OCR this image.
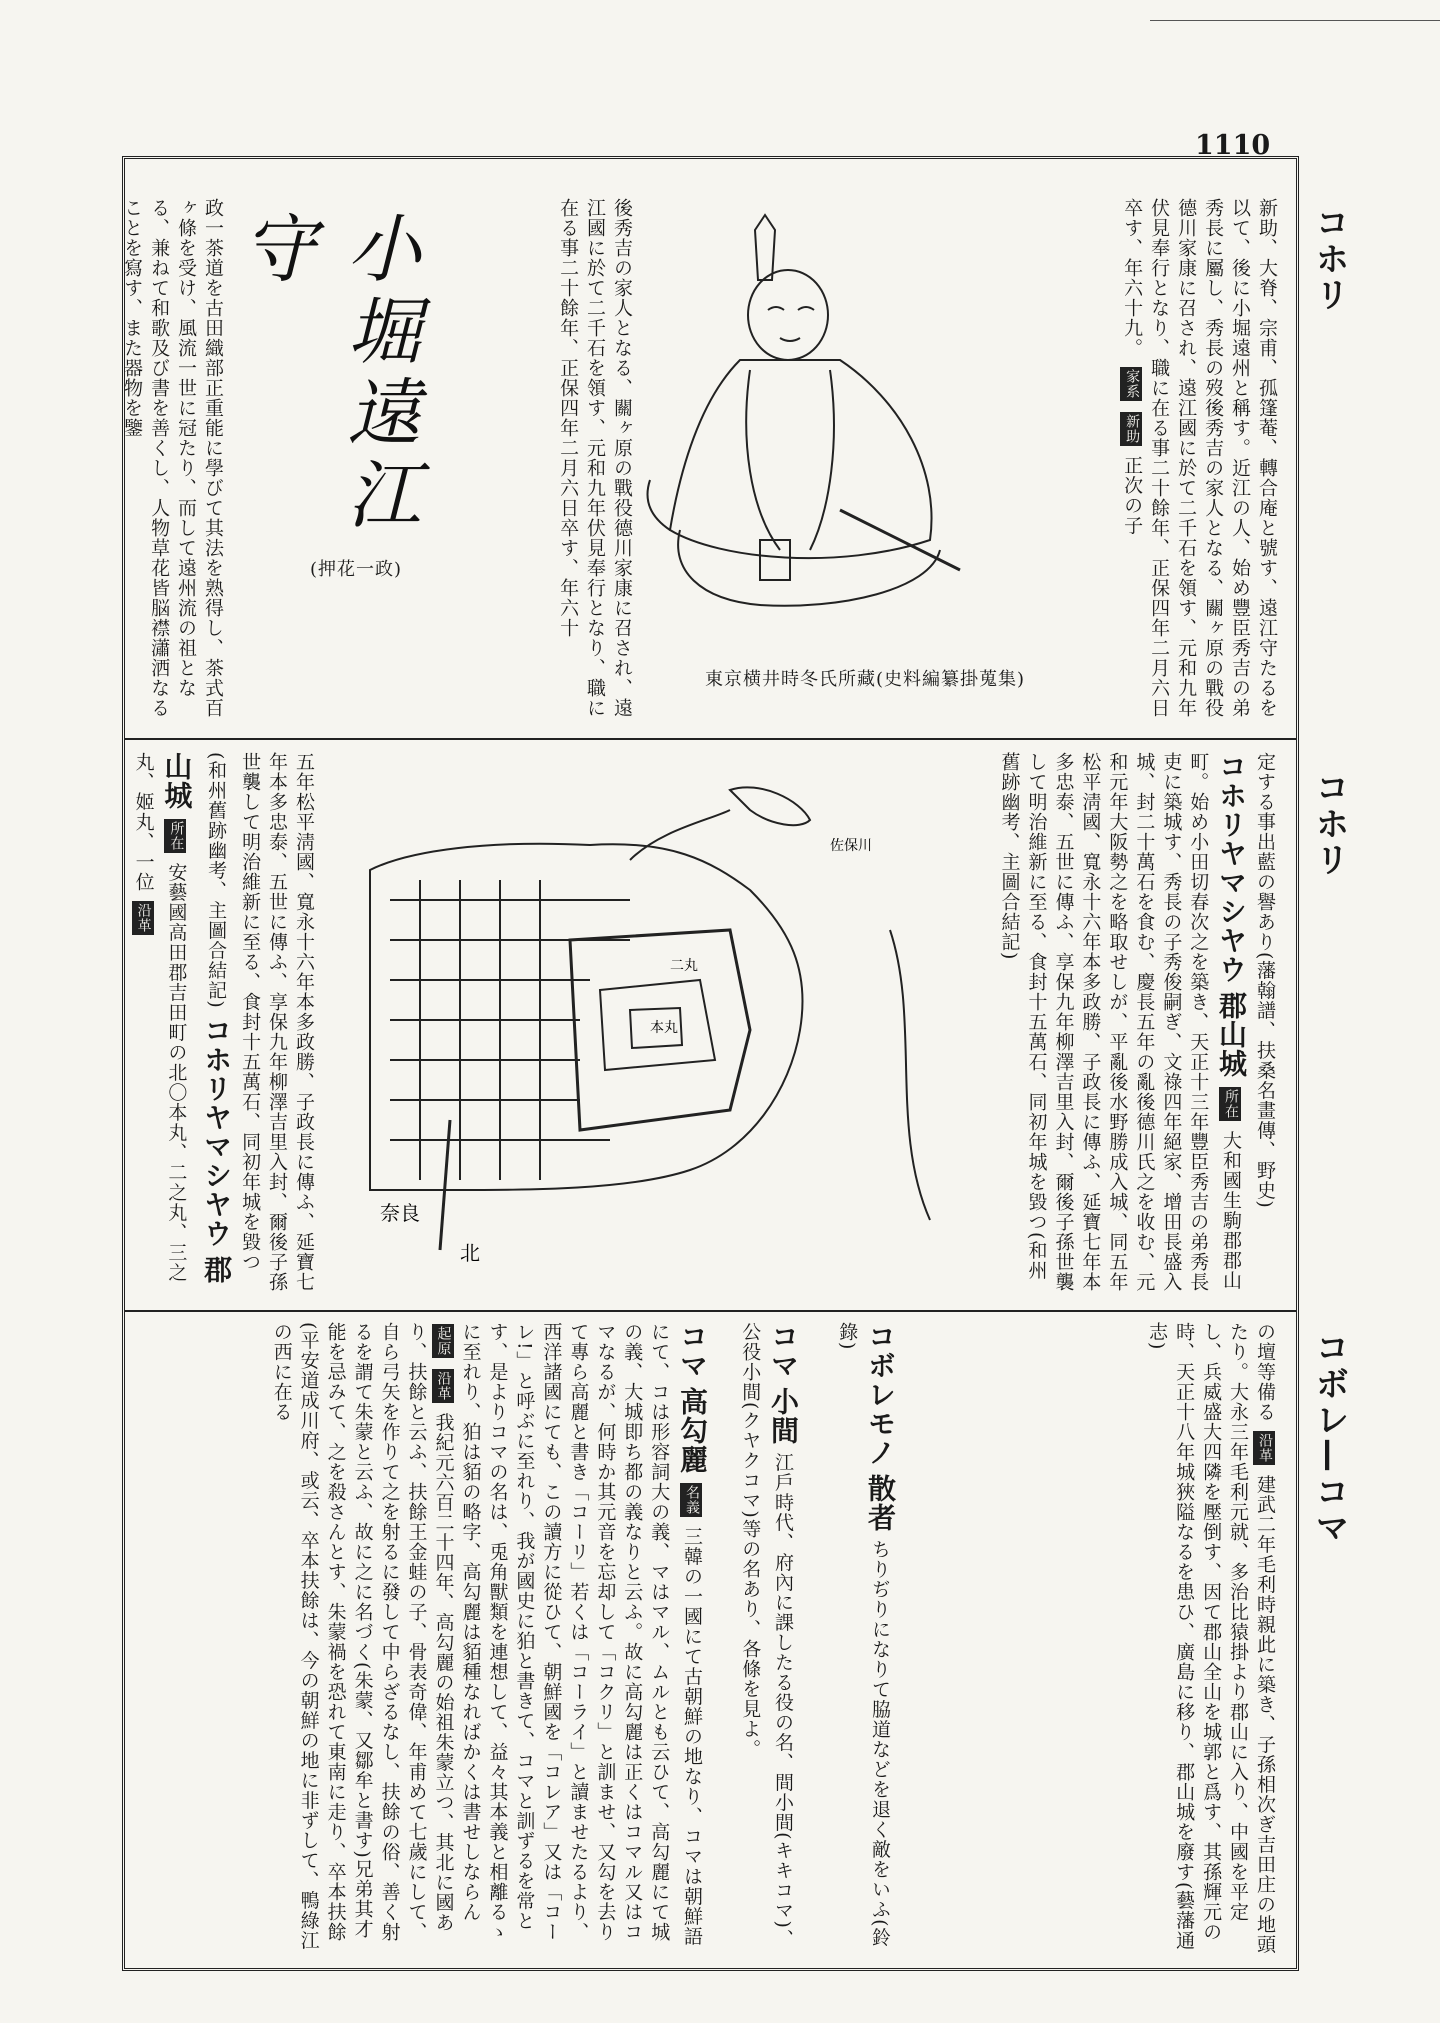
1110
コホリ
コホリ
コボレ—コマ
新助、大脊、宗甫、孤篷菴、轉合庵と號す、遠江守たるを以て、後に小堀遠州と稱す。近江の人、始め豐臣秀吉の弟秀長に屬し、秀長の歿後秀吉の家人となる、關ヶ原の戰役德川家康に召され、遠江國に於て二千石を領す、元和九年伏見奉行となり、職に在る事二十餘年、正保四年二月六日卒す、年六十九。 家系 新助 正次の子
東京横井時冬氏所藏(史料編纂掛蒐集)
後秀吉の家人となる、關ヶ原の戰役德川家康に召され、遠江國に於て二千石を領す、元和九年伏見奉行となり、職に在る事二十餘年、正保四年二月六日卒す、年六十
小堀遠江守
(押花一政)
政一茶道を古田織部正重能に學びて其法を熟得し、茶式百ヶ條を受け、風流一世に冠たり、而して遠州流の祖となる、兼ねて和歌及び書を善くし、人物草花皆脳襟瀟洒なることを寫す、また器物を鑒
定する事出藍の譽あり(藩翰譜、扶桑名畫傳、野史)
コホリヤマシヤウ 郡山城 所在 大和國生駒郡郡山町。始め小田切春次之を築き、天正十三年豐臣秀吉の弟秀長吏に築城す、秀長の子秀俊嗣ぎ、文祿四年絕家、增田長盛入城、封二十萬石を食む、慶長五年の亂後德川氏之を收む、元和元年大阪勢之を略取せしが、平亂後水野勝成入城、同五年松平淸國、寬永十六年本多政勝、子政長に傳ふ、延寶七年本多忠泰、五世に傳ふ、享保九年柳澤吉里入封、爾後子孫世襲して明治維新に至る、食封十五萬石、同初年城を毀つ(和州舊跡幽考、主圖合結記)
奈良
北
本丸
二丸
佐保川
五年松平淸國、寬永十六年本多政勝、子政長に傳ふ、延寶七年本多忠泰、五世に傳ふ、享保九年柳澤吉里入封、爾後子孫世襲して明治維新に至る、食封十五萬石、同初年城を毀つ(和州舊跡幽考、主圖合結記) コホリヤマシヤウ 郡山城 所在 安藝國高田郡吉田町の北〇本丸、二之丸、三之丸、姬丸、一位 沿革
の壇等備る 沿革 建武二年毛利時親此に築き、子孫相次ぎ吉田庄の地頭たり。大永三年毛利元就、多治比猿掛より郡山に入り、中國を平定し、兵威盛大四隣を壓倒す、因て郡山全山を城郭と爲す、其孫輝元の時、天正十八年城狹隘なるを患ひ、廣島に移り、郡山城を廢す(藝藩通志)
コボレモノ 散者 ちりぢりになりて脇道などを退く敵をいふ(鈴錄)
コマ 小間 江戶時代、府內に課したる役の名、間小間(キキコマ)、公役小間(クヤクコマ)等の名あり、各條を見よ。
コマ 高勾麗 名義 三韓の一國にて古朝鮮の地なり、コマは朝鮮語にて、コは形容詞大の義、マはマル、ムルとも云ひて、高勾麗にて城の義、大城即ち都の義なりと云ふ。故に高勾麗は正くはコマル又はコマなるが、何時か其元音を忘却して「コクリ」と訓ませ、又勾を去りて專ら高麗と書き「コーリ」若くは「コーライ」と讀ませたるより、西洋諸國にても、この讀方に從ひて、朝鮮國を「コレア」又は「コーレ!」と呼ぶに至れり、我が國史に狛と書きて、コマと訓ずるを常とす、是よりコマの名は、兎角獸類を連想して、益々其本義と相離るゝに至れり、狛は貊の略字、高勾麗は貊種なればかくは書せしならん 起原 沿革 我紀元六百二十四年、高勾麗の始祖朱蒙立つ、其北に國あり、扶餘と云ふ、扶餘王金蛙の子、骨表奇偉、年甫めて七歲にして、自ら弓矢を作りて之を射るに發して中らざるなし、扶餘の俗、善く射るを謂て朱蒙と云ふ、故に之に名づく(朱蒙、又鄒牟と書す)兄弟其才能を忌みて、之を殺さんとす、朱蒙禍を恐れて東南に走り、卒本扶餘(平安道成川府、或云、卒本扶餘は、今の朝鮮の地に非ずして、鴨綠江の西に在る
